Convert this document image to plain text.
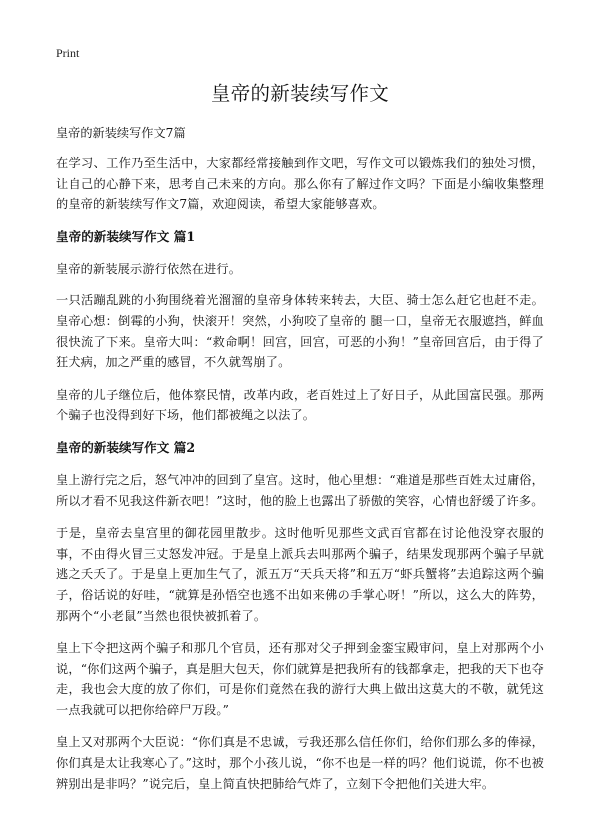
Print
皇帝的新装续写作文

皇帝的新装续写作文7篇

在学习、工作乃至生活中，大家都经常接触到作文吧，写作文可以锻炼我们的独处习惯，让自己的心静下来，思考自己未来的方向。那么你有了解过作文吗？下面是小编收集整理的皇帝的新装续写作文7篇，欢迎阅读，希望大家能够喜欢。

皇帝的新装续写作文 篇1

皇帝的新装展示游行依然在进行。

一只活蹦乱跳的小狗围绕着光溜溜的皇帝身体转来转去，大臣、骑士怎么赶它也赶不走。皇帝心想：倒霉的小狗，快滚开！突然，小狗咬了皇帝的 腿一口，皇帝无衣服遮挡，鲜血很快流了下来。皇帝大叫：“救命啊！回宫，回宫，可恶的小狗！”皇帝回宫后，由于得了狂犬病，加之严重的感冒，不久就驾崩了。

皇帝的儿子继位后，他体察民情，改革内政，老百姓过上了好日子，从此国富民强。那两个骗子也没得到好下场，他们都被绳之以法了。

皇帝的新装续写作文 篇2

皇上游行完之后，怒气冲冲的回到了皇宫。这时，他心里想：“难道是那些百姓太过庸俗，所以才看不见我这件新衣吧！”这时，他的脸上也露出了骄傲的笑容，心情也舒缓了许多。

于是，皇帝去皇宫里的御花园里散步。这时他听见那些文武百官都在讨论他没穿衣服的事，不由得火冒三丈怒发冲冠。于是皇上派兵去叫那两个骗子，结果发现那两个骗子早就逃之夭夭了。于是皇上更加生气了，派五万“天兵天将”和五万“虾兵蟹将”去追踪这两个骗子，俗话说的好哇，“就算是孙悟空也逃不出如来佛の手掌心呀！”所以，这么大的阵势，那两个“小老鼠”当然也很快被抓着了。

皇上下令把这两个骗子和那几个官员，还有那对父子押到金銮宝殿审问，皇上对那两个小说，“你们这两个骗子，真是胆大包天，你们就算是把我所有的钱都拿走，把我的天下也夺走，我也会大度的放了你们，可是你们竟然在我的游行大典上做出这莫大的不敬，就凭这一点我就可以把你给碎尸万段。”

皇上又对那两个大臣说：“你们真是不忠诚，亏我还那么信任你们，给你们那么多的俸禄，你们真是太让我寒心了。”这时，那个小孩儿说，“你不也是一样的吗？他们说谎，你不也被辨别出是非吗？”说完后，皇上简直快把肺给气炸了，立刻下令把他们关进大牢。
